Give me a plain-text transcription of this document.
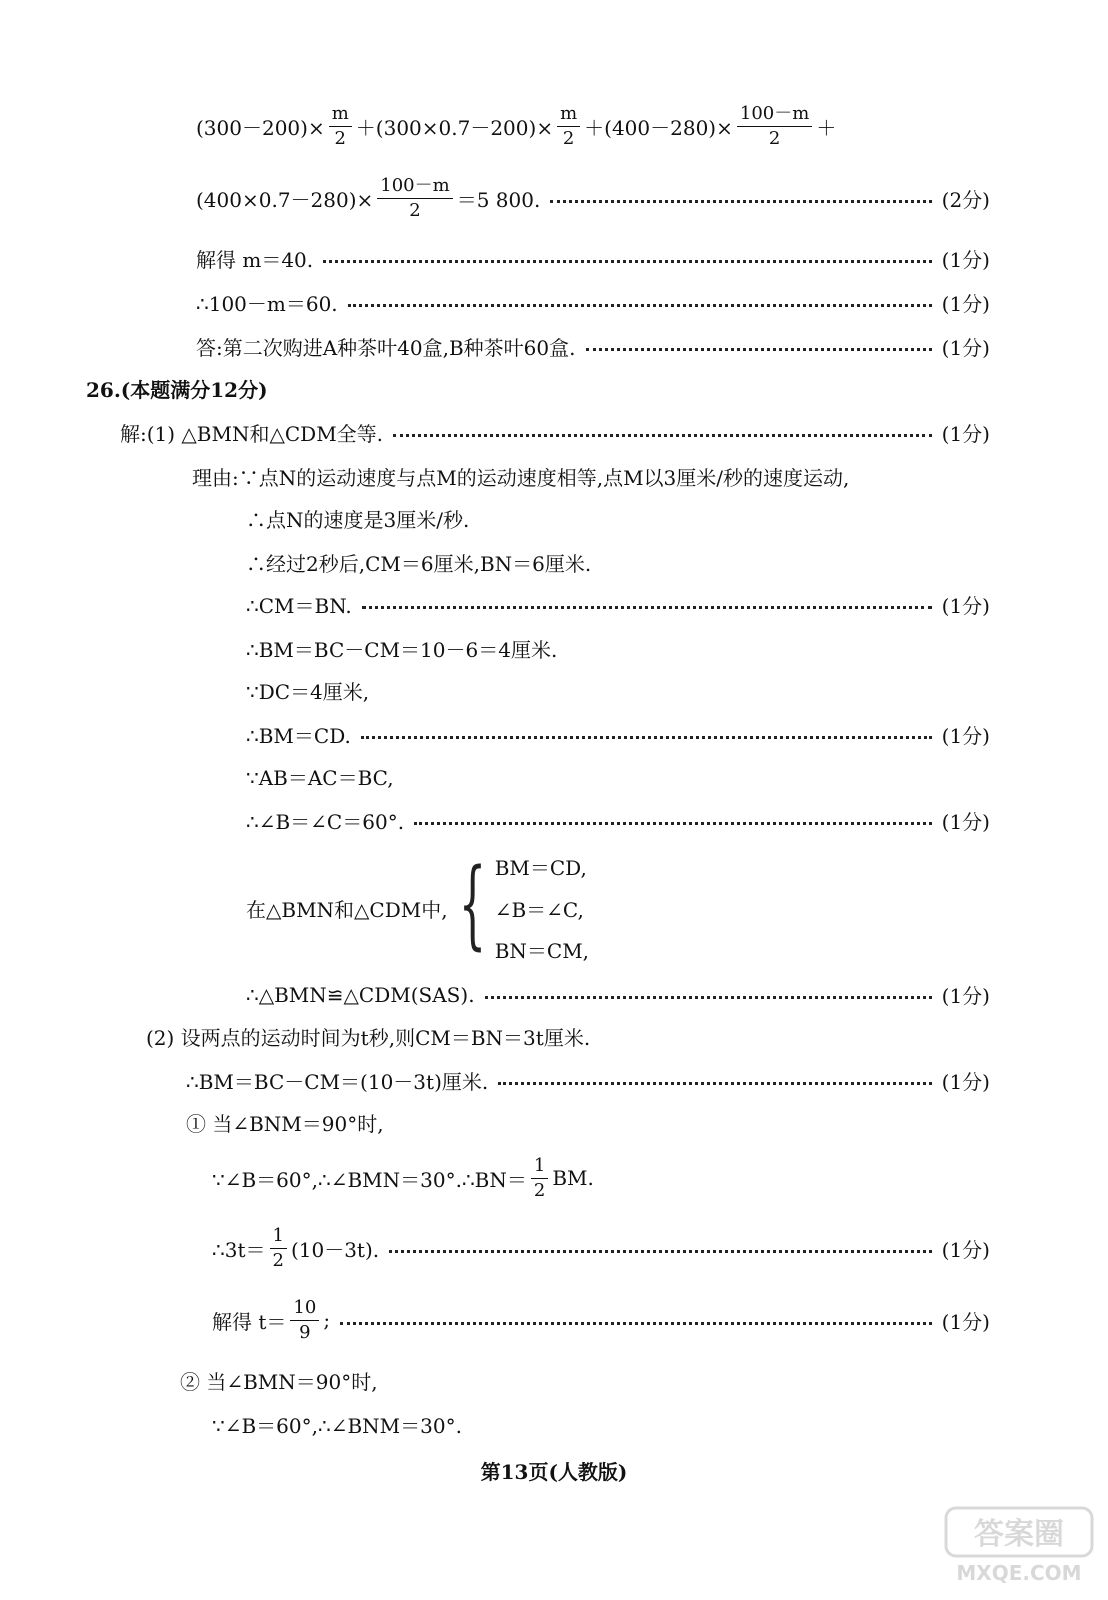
$(300-200)\times \frac{m}{2} +(300\times 0.7-200)\times \frac{m}{2} +(400-280)\times \frac{100-m}{2}$ ＋
$(400\times 0.7-280)\times \frac{100-m}{2} =5$ 800.	(2分)
解得 m＝40.	(1分)
∴100－m＝60.	(1分)
答:第二次购进A种茶叶40盒,B种茶叶60盒.	(1分)
26.(本题满分12分)
解:(1) △BMN和△CDM全等.	(1分)
理由:∵点N的运动速度与点M的运动速度相等,点M以3厘米/秒的速度运动,
∴点N的速度是3厘米/秒.
∴经过2秒后,CM＝6厘米,BN＝6厘米.
∴CM＝BN.	(1分)
∴BM＝BC－CM＝10－6＝4厘米.
∵DC＝4厘米,
∴BM＝CD.	(1分)
∵AB＝AC＝BC,
∴∠B＝∠C＝60°.	(1分)
在△BMN和△CDM中, { BM＝CD,
∠B＝∠C,
BN＝CM,
∴△BMN≌△CDM(SAS).	(1分)
(2) 设两点的运动时间为t秒,则CM＝BN＝3t厘米.
∴BM＝BC－CM＝(10－3t)厘米.	(1分)
① 当∠BNM＝90°时,
∵∠B＝60°,∴∠BMN＝30°.∴BN＝ $\frac{1}{2}$ BM.
∴3t＝ $\frac{1}{2} (10-3t)$.	(1分)
解得 $t= \frac{10}{9}$ ;	(1分)
② 当∠BMN＝90°时,
∵∠B＝60°,∴∠BNM＝30°.
第13页(人教版)
答案圈
MXQE.COM
